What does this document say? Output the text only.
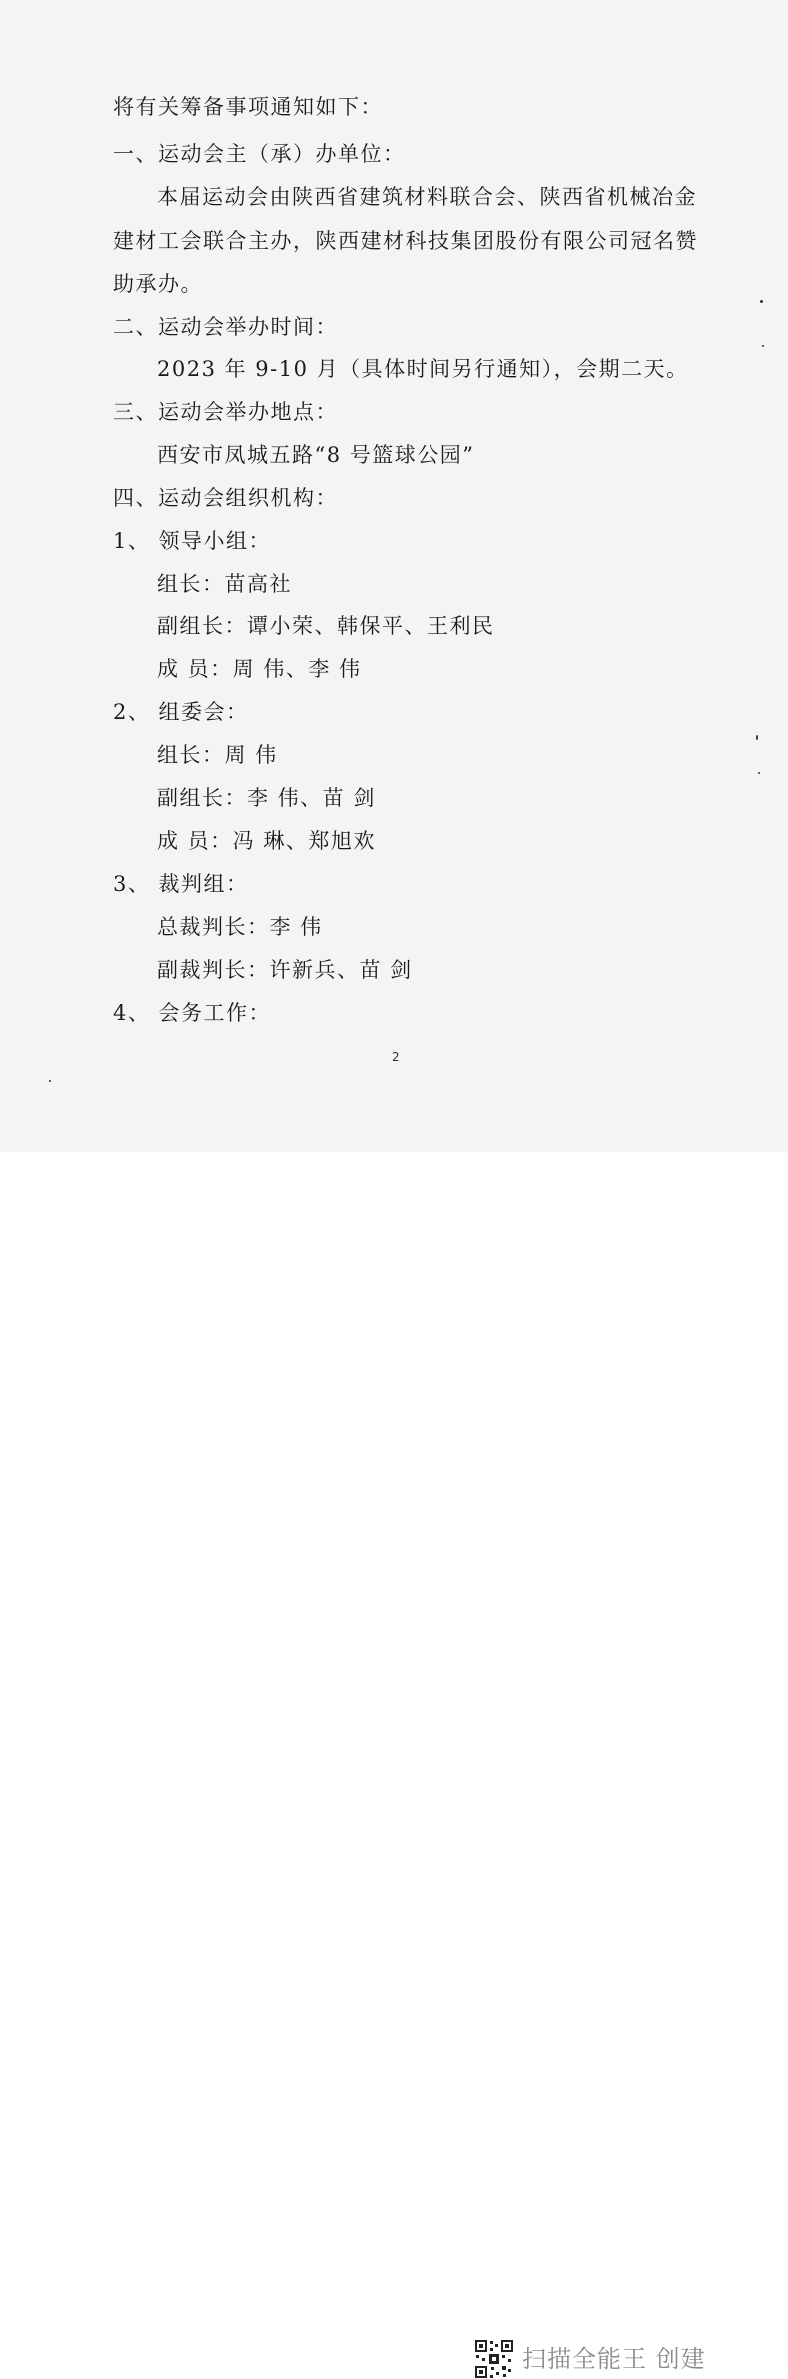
将有关筹备事项通知如下：
一、运动会主（承）办单位：
本届运动会由陕西省建筑材料联合会、陕西省机械冶金
建材工会联合主办，陕西建材科技集团股份有限公司冠名赞
助承办。
二、运动会举办时间：
2023 年 9-10 月（具体时间另行通知），会期二天。
三、运动会举办地点：
西安市凤城五路“8 号篮球公园”
四、运动会组织机构：
1、 领导小组：
组长：苗高社
副组长：谭小荣、韩保平、王利民
成 员：周 伟、李 伟
2、 组委会：
组长：周 伟
副组长：李 伟、苗 剑
成 员：冯 琳、郑旭欢
3、 裁判组：
总裁判长：李 伟
副裁判长：许新兵、苗 剑
4、 会务工作：
2
扫描全能王 创建
